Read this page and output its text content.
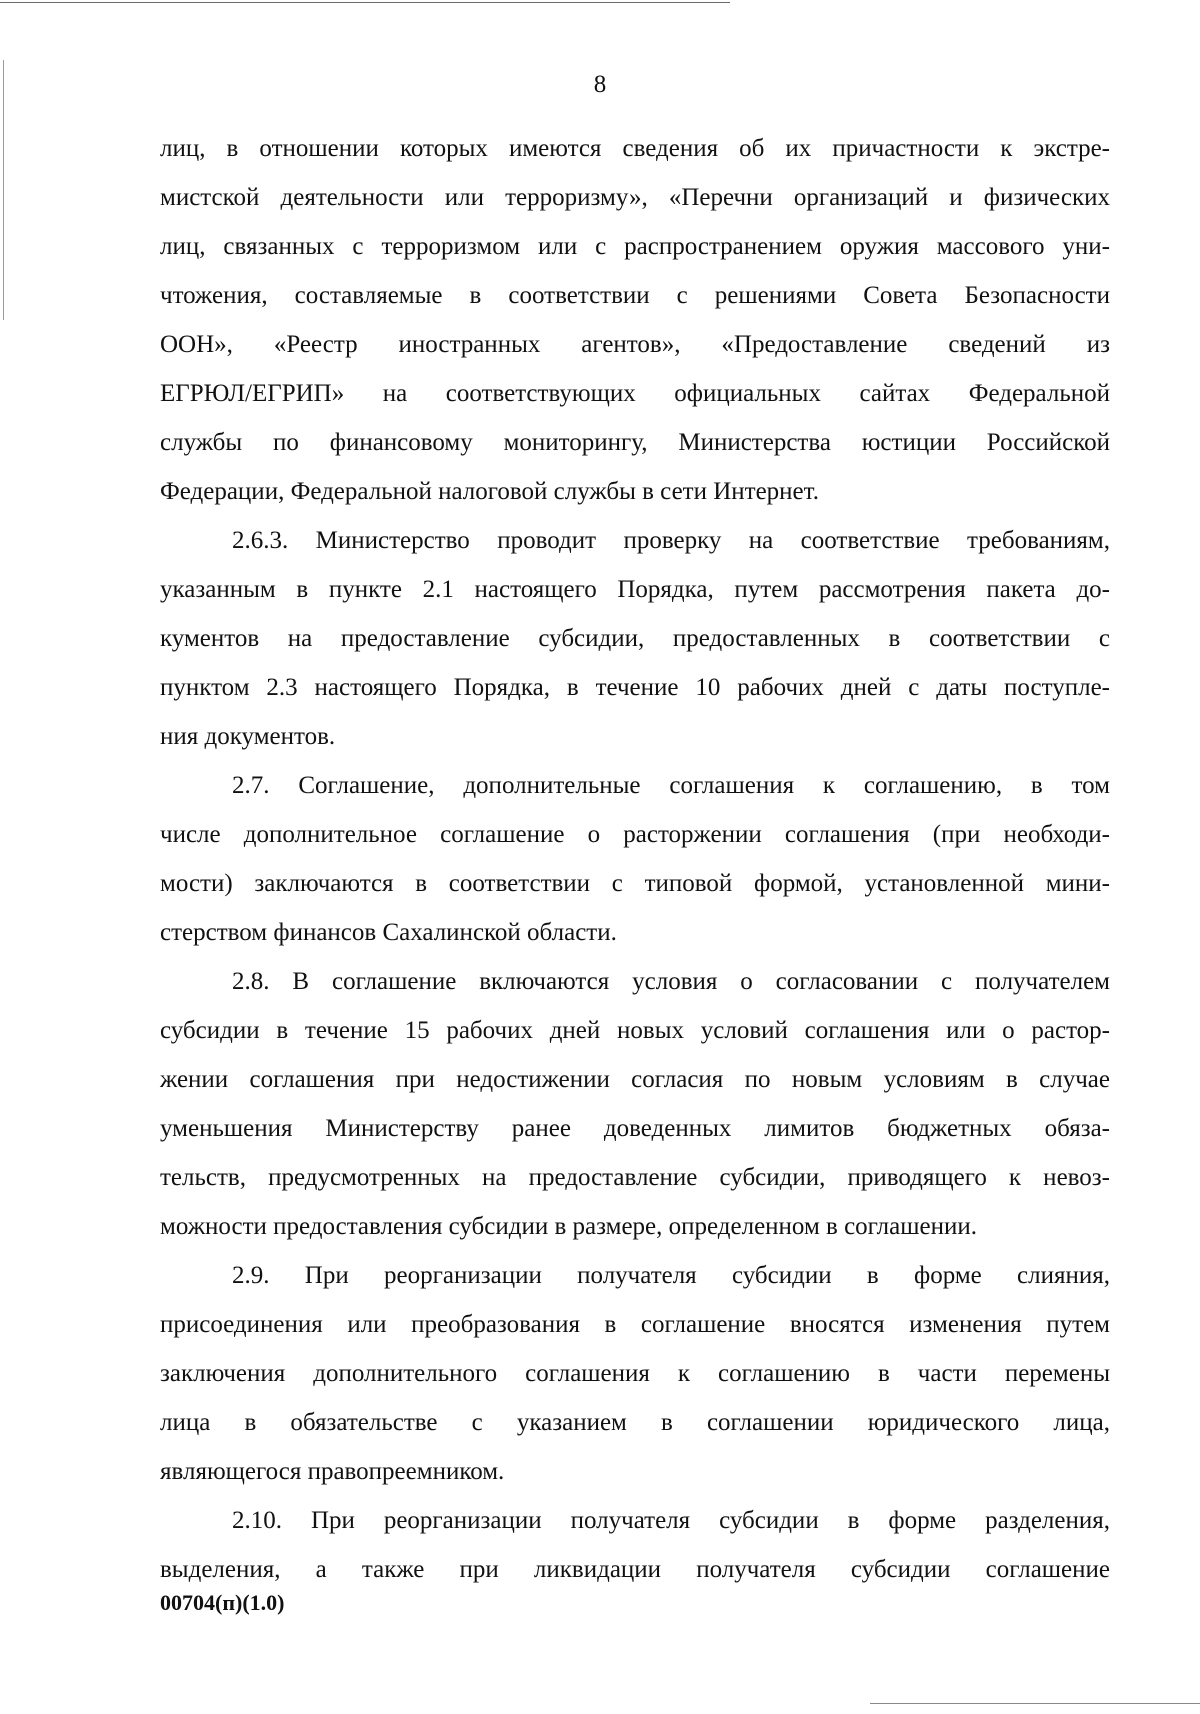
8

лиц, в отношении которых имеются сведения об их причастности к экстре-
мистской деятельности или терроризму», «Перечни организаций и физических
лиц, связанных с терроризмом или с распространением оружия массового уни-
чтожения, составляемые в соответствии с решениями Совета Безопасности
ООН», «Реестр иностранных агентов», «Предоставление сведений из
ЕГРЮЛ/ЕГРИП» на соответствующих официальных сайтах Федеральной
службы по финансовому мониторингу, Министерства юстиции Российской
Федерации, Федеральной налоговой службы в сети Интернет.

2.6.3. Министерство проводит проверку на соответствие требованиям,
указанным в пункте 2.1 настоящего Порядка, путем рассмотрения пакета до-
кументов на предоставление субсидии, предоставленных в соответствии с
пунктом 2.3 настоящего Порядка, в течение 10 рабочих дней с даты поступле-
ния документов.

2.7. Соглашение, дополнительные соглашения к соглашению, в том
числе дополнительное соглашение о расторжении соглашения (при необходи-
мости) заключаются в соответствии с типовой формой, установленной мини-
стерством финансов Сахалинской области.

2.8. В соглашение включаются условия о согласовании с получателем
субсидии в течение 15 рабочих дней новых условий соглашения или о растор-
жении соглашения при недостижении согласия по новым условиям в случае
уменьшения Министерству ранее доведенных лимитов бюджетных обяза-
тельств, предусмотренных на предоставление субсидии, приводящего к невоз-
можности предоставления субсидии в размере, определенном в соглашении.

2.9. При реорганизации получателя субсидии в форме слияния,
присоединения или преобразования в соглашение вносятся изменения путем
заключения дополнительного соглашения к соглашению в части перемены
лица в обязательстве с указанием в соглашении юридического лица,
являющегося правопреемником.

2.10. При реорганизации получателя субсидии в форме разделения,
выделения, а также при ликвидации получателя субсидии соглашение

00704(п)(1.0)
